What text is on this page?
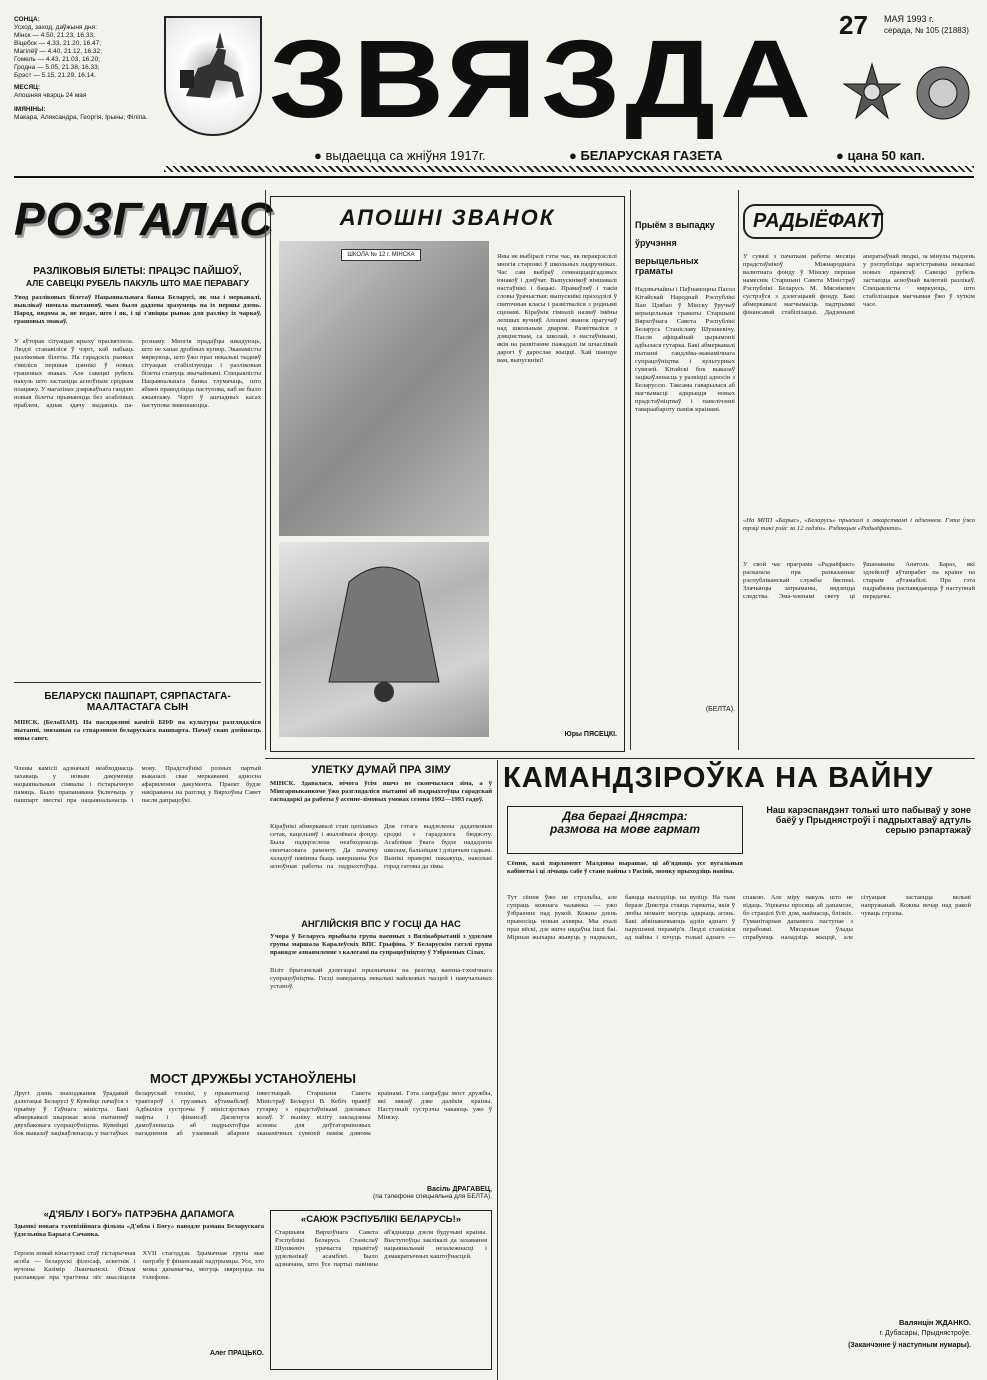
СОНЦА:
Усход, заход, даўжыня дня:
Мінск — 4.50, 21.23, 16.33;
Віцебск — 4.33, 21.20, 16.47;
Магілёў — 4.40, 21.12, 16.32;
Гомель — 4.43, 21.03, 16.20;
Гродна — 5.05, 21.38, 16.33;
Брэст — 5.15, 21.29, 16.14.
МЕСЯЦ:
Апошняя чвэрць 24 мая
ІМЯНІНЫ:
Макара, Аляксандра, Георгія, Ірыны; Філіпа. ЗВЯЗДА 27 МАЯ 1993 г.
серада, № 105 (21883)
● выдаецца са жніўня 1917г.	● БЕЛАРУСКАЯ ГАЗЕТА	● цана 50 кап.
РОЗГАЛАС
РАЗЛІКОВЫЯ БІЛЕТЫ: ПРАЦЭС ПАЙШОЎ,
АЛЕ САВЕЦКІ РУБЕЛЬ ПАКУЛЬ ШТО МАЕ ПЕРАВАГУ
Увод разліковых білетаў Нацыянальнага банка Беларусі, як мы і меркавалі, выклікаў нямала пытанняў, чым было дадзена зразумець на іх першы дзень. Народ, вядома ж, не ведае, што і як, і ці з'явіцца рынак для разліку іх чаркаў, грашовых знакаў.
У аўторак сітуацыя крыху прасвятлела. Людзі станавіліся ў чэргі, каб набыць разліковыя білеты. На гарадскіх рынках з'явіліся першыя цэннікі ў новых грашовых знаках. Але савецкі рубель пакуль што застаецца асноўным сродкам плацяжу. У магазінах дзяржаўнага гандлю новыя білеты прымаюцца без асаблівых праблем, аднак здачу выдаюць па-рознаму. Многія прадаўцы шкадуюць, што не хапае дробных купюр. Эканамісты мяркуюць, што ўжо праз некалькі тыдняў сітуацыя стабілізуецца і разліковыя білеты стануць звычайнымі. Спецыялісты Нацыянальнага банка тлумачаць, што абмен праводзіцца паступова, каб не было ажыятажу. Чэргі ў ашчадных касах паступова змяншаюцца.
БЕЛАРУСКІ ПАШПАРТ, СЯРПАСТАГА-МААЛТАСТАГА СЫН
МІНСК. (БелаПАН). На пасяджэнні камісіі БНФ па культуры разглядаліся пытанні, звязаныя са стварэннем беларускага пашпарта. Пачаў сваю дзейнасць новы савет.
Члены камісіі адзначалі неабходнасць захаваць у новым дакуменце нацыянальныя сімвалы і гістарычную памяць. Было прапанавана ўключыць у пашпарт звесткі пра нацыянальнасць і мову. Прадстаўнікі розных партый выказалі свае меркаванні адносна афармлення дакумента. Праект будзе накіраваны на разгляд у Вярхоўны Савет пасля дапрацоўкі.
АПОШНІ ЗВАНОК
ШКОЛА № 12 г. МІНСКА	Яны не выбіралі гэты час, як перакрэслілі многія старонкі ў школьных падручніках. Час сам выбраў семнаццацігадовых юнакоў і дзяўчат. Выпускнікоў віншавалі настаўнікі і бацькі. Прамаўляў і такія словы ўрачыстыя: выпускнікі праходзілі ў святочныя класы і развітваліся з роднымі сценамі. Кіраўнік гімназіі назваў імёны лепшых вучняў. Апошні званок прагучаў над школьным дваром. Развітваліся з дзяцінствам, са школай, з настаўнікамі, якія на развітанне пажадалі ім шчаслівай дарогі ў дарослае жыццё. Хай шанцуе вам, выпускнікі!
Юры ПЯСЕЦКІ.
Прыём з выпадку
ўручэння
верыцельных граматы
Надзвычайны і Паўнамоцны Пасол Кітайскай Народнай Рэспублікі Ван Цзябао ў Мінску ўручыў верыцельныя граматы Старшыні Вярхоўнага Савета Рэспублікі Беларусь Станіславу Шушкевічу. Пасля афіцыйнай цырымоніі адбылася гутарка. Бакі абмеркавалі пытанні гандлёва-эканамічнага супрацоўніцтва і культурных сувязей. Кітайскі бок выказаў зацікаўленасць у развіцці адносін з Беларуссю. Таксама гаварылася аб магчымасці адкрыцця новых прадстаўніцтваў і павелічэнні тавараабароту паміж краінамі.
(БЕЛТА).
РАДЫЁФАКТ
У сувязі з пачаткам работы месяца прадстаўнікоў Міжнароднага валютнага фонду ў Мінску першая намеснік Старшыні Савета Міністраў Рэспублікі Беларусь М. Мясніковіч сустрэўся з дэлегацыяй фонду. Бакі абмеркавалі магчымасць падтрымкі фінансавай стабілізацыі. Дадзенымі аператыўнай зводкі, за мінулы тыдзень у рэспубліцы зарэгістравана некалькі новых праектаў. Савецкі рубель застаецца асноўнай валютай разлікаў. Спецыялісты мяркуюць, што стабілізацыя магчымая ўжо ў хуткім часе.
«На МПП «Барыс», «Беларусь» прыехалі з лякарствамі і адзеннем. Гэта ўжо трэці такі рэйс за 12 гадзін». Рэдакцыя «Радыёфакта».
У свой час праграма «Радыёфакт» расказала пра разказаннае рэспубліканскай службы бяспекі. Злачынцы затрыманы, вядзецца следства. Эма-членамі свету ці ўшанаваны Анатоль Бараз, які здзейсніў аўтапрабег па краіне на старым аўтамабілі. Пра гэта падрабязна распавядаецца ў наступнай перадачы.
УЛЕТКУ ДУМАЙ ПРА ЗІМУ
МІНСК. Здавалася, нічога ўсім яшчэ не скончылася зіма, а ў Мінгарвыканкоме ўжо разглядаліся пытанні аб падрыхтоўцы гарадскай гаспадаркі да работы ў асенне-зімовых умовах сезона 1992—1993 гадоў.
Кіраўнікі абмеркавалі стан цеплавых сетак, кацельняў і жыллёвага фонду. Была падкрэслена неабходнасць своечасовага рамонту. Да пачатку халадоў павінны быць завершаны ўсе асноўныя работы па падрыхтоўцы. Для гэтага выдзелены дадатковыя сродкі з гарадскога бюджэту. Асаблівая ўвага будзе нададзена школам, бальніцам і дзіцячым садкам. Вынікі праверкі пакажуць, наколькі горад гатовы да зімы.
АНГЛІЙСКІЯ ВПС У ГОСЦІ ДА НАС
Учора ў Беларусь прыбыла група ваенных з Вялікабрытаніі з удзелам групы маршала Каралеўскіх ВПС Грыфіна. У Беларускім гатэлі група правядзе азнаямленне з калегамі па супрацоўніцтву ў Узброеных Сілах.
Візіт брытанскай дэлегацыі прызначаны на разгляд ваенна-тэхнічнага супрацоўніцтва. Госці наведаюць некалькі вайсковых часцей і навучальных устаноў.
МОСТ ДРУЖБЫ УСТАНОЎЛЕНЫ
Другі дзень знаходжання ўрадавай дэлегацыі Беларусі ў Кувейце пачаўся з прыёму ў Гаўнага міністра. Бакі абмеркавалі шырокае кола пытанняў двухбаковага супрацоўніцтва. Кувейцкі бок выказаў зацікаўленасць у пастаўках беларускай тэхнікі, у прыватнасці трактароў і грузавых аўтамабіляў. Адбыліся сустрэчы ў міністэрствах нафты і фінансаў. Дасягнута дамоўленасць аб падрыхтоўцы пагаднення аб узаемнай абароне інвестыцый. Старшыня Савета Міністраў Беларусі В. Кебіч правёў гутарку з прадстаўнікамі дзелавых колаў. У выніку візіту закладзены асновы для доўгатэрміновых эканамічных сувязей паміж дзвюма краінамі. Гэта сапраўды мост дружбы, які звязаў дзве далёкія краіны. Наступнай сустрэчы чакаюць ужо ў Мінску.
Васіль ДРАГАВЕЦ,
(па тэлефоне спецыяльна для БЕЛТА).
«Д'ЯБЛУ І БОГУ» ПАТРЭБНА ДАПАМОГА
Здымкі новага тэлевізійнага фільма «Д'ябла і Богу» паводле рамана Беларускага ўдзельніка Барыса Сачанка.
Героем новай кінастужкі стаў гістарычная асоба — беларускі філосаф, асветнік і вучоны Казімір Лышчынскі. Фільм распавядае пра трагічны лёс мысліцеля XVII стагоддзя. Здымачная група мае патрэбу ў фінансавай падтрымцы. Усе, хто можа дапамагчы, могуць звярнуцца па тэлефоне.
Алег ПРАЦЬКО.
«САЮЖ РЭСПУБЛІКІ БЕЛАРУСЬ!»
Старшыня Вярхоўнага Савета Рэспублікі Беларусь Станіслаў Шушкевіч урачыста прывітаў удзельнікаў асамблеі. Было адзначана, што ўсе партыі павінны аб'яднацца дзеля будучыні краіны. Выступоўцы заклікалі да захавання нацыянальнай незалежнасці і дэмакратычных каштоўнасцей.
КАМАНДЗІРОЎКА НА ВАЙНУ
Два берагі Днястра:
размова на мове гармат
Наш карэспандэнт толькі што пабываў у зоне баёў у Прыднястроўі і падрыхтаваў адтуль серыю рэпартажаў
Сёння, калі парламент Малдовы вырашае, ці аб'яднаць усе вугальныя кабінеты і ці лічыць сабе ў стане вайны з Расіяй, звонку прыходзіць навіна.
Тут сёння ўжо не стрэльбы, але супраць кожнага чалавека — ужо ўзбраенне пад рукой. Кожны дзень прыносіць новыя ахвяры. Мы ехалі праз вёскі, дзе яшчэ нядаўна ішлі баі. Мірныя жыхары жывуць у падвалах, баяцца выходзіць на вуліцу. На тым беразе Днястра стаяць гарматы, якія ў любы момант могуць адкрыць агонь. Бакі абвінавачваюць адзін аднаго ў парушэнні перамір'я. Людзі стаміліся ад вайны і хочуць толькі аднаго — спакою. Але міру пакуль што не відаць. Уцекачы просяць аб дапамозе, бо страцілі ўсё: дом, маёмасць, блізкіх. Гуманітарная дапамога паступае з перабоямі. Мясцовыя ўлады спрабуюць наладзіць жыццё, але сітуацыя застаецца вельмі напружанай. Кожны вечар над ракой чуваць стрэлы.
Валянцін ЖДАНКО.
г. Дубасары, Прыднястроўе.
(Заканчэнне ў наступным нумары).
